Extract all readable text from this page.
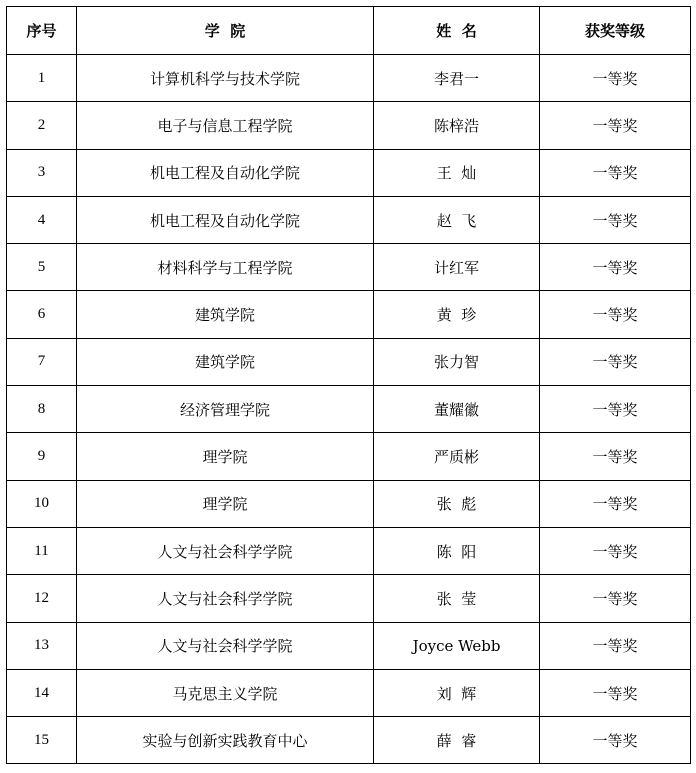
序号	学  院	姓  名	获奖等级
1	计算机科学与技术学院	李君一	一等奖
2	电子与信息工程学院	陈梓浩	一等奖
3	机电工程及自动化学院	王  灿	一等奖
4	机电工程及自动化学院	赵  飞	一等奖
5	材料科学与工程学院	计红军	一等奖
6	建筑学院	黄  珍	一等奖
7	建筑学院	张力智	一等奖
8	经济管理学院	董耀徽	一等奖
9	理学院	严质彬	一等奖
10	理学院	张  彪	一等奖
11	人文与社会科学学院	陈  阳	一等奖
12	人文与社会科学学院	张  莹	一等奖
13	人文与社会科学学院	Joyce Webb	一等奖
14	马克思主义学院	刘  辉	一等奖
15	实验与创新实践教育中心	薛  睿	一等奖
